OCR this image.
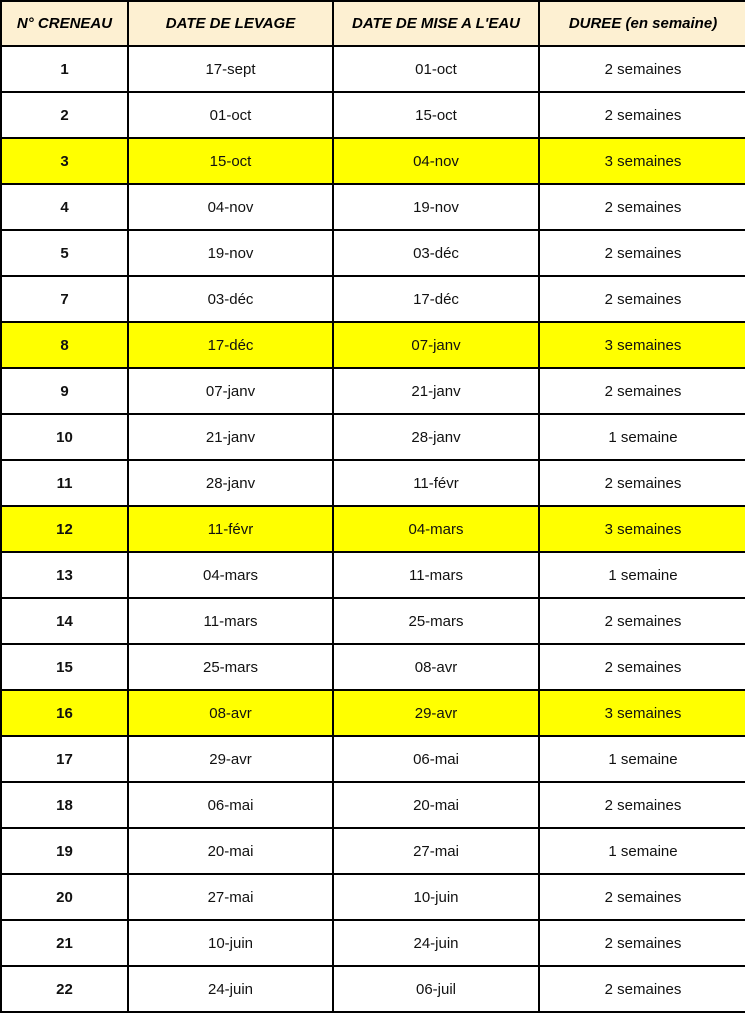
N° CRENEAU	DATE DE LEVAGE	DATE DE MISE A L'EAU	DUREE (en semaine)
1	17-sept	01-oct	2 semaines
2	01-oct	15-oct	2 semaines
3	15-oct	04-nov	3 semaines
4	04-nov	19-nov	2 semaines
5	19-nov	03-déc	2 semaines
7	03-déc	17-déc	2 semaines
8	17-déc	07-janv	3 semaines
9	07-janv	21-janv	2 semaines
10	21-janv	28-janv	1 semaine
11	28-janv	11-févr	2 semaines
12	11-févr	04-mars	3 semaines
13	04-mars	11-mars	1 semaine
14	11-mars	25-mars	2 semaines
15	25-mars	08-avr	2 semaines
16	08-avr	29-avr	3 semaines
17	29-avr	06-mai	1 semaine
18	06-mai	20-mai	2 semaines
19	20-mai	27-mai	1 semaine
20	27-mai	10-juin	2 semaines
21	10-juin	24-juin	2 semaines
22	24-juin	06-juil	2 semaines
